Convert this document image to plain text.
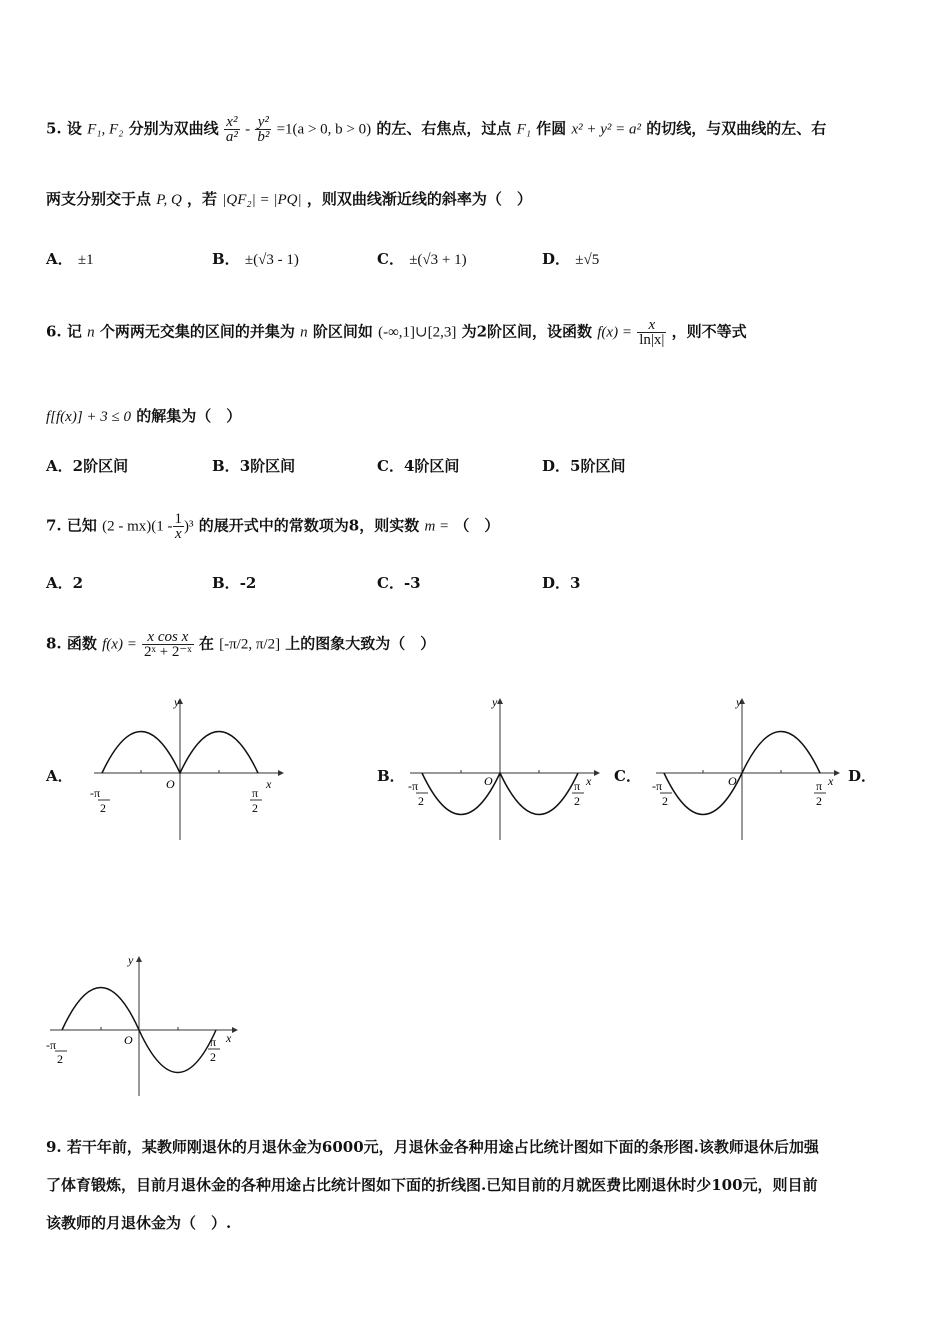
5. 设 F₁, F₂ 分别为双曲线 $\frac{\text{x²}}{\text{a²}} - \frac{\text{y²}}{\text{b²}} =1(a > 0$, b > 0) 的左、右焦点，过点 F₁ 作圆 x² + y² = a² 的切线，与双曲线的左、右
两支分别交于点 P, Q ，若 |QF₂| = |PQ| ，则双曲线渐近线的斜率为（　）
A． ±1	B． ±(√3 - 1)	C． ±(√3 + 1)	D． ±√5
6. 记 n 个两两无交集的区间的并集为 n 阶区间如 (-∞,1]∪[2,3] 为2阶区间，设函数 $f(x) = \frac{x}{\ln|x|}$ ，则不等式
f[f(x)] + 3 ≤ 0 的解集为（　）
A．2阶区间	B．3阶区间	C．4阶区间	D．5阶区间
7. 已知 $(2 - mx)(1 - \frac{1}{x} )^3$ 的展开式中的常数项为8，则实数 m = （　）
A．2	B．-2	C．-3	D．3
8. 函数 $f(x) = \frac{\text{x cos x}}{\text{2ˣ + 2⁻ˣ}}$ 在 [-π/2, π/2] 上的图象大致为（　）
A．	B．	C．	D．
y
x
O
-π
2
π
2
y
x
O
-π
2
π
2
y
x
O
-π
2
π
2
y
x
O
-π
2
π
2
9. 若干年前，某教师刚退休的月退休金为6000元，月退休金各种用途占比统计图如下面的条形图.该教师退休后加强
了体育锻炼，目前月退休金的各种用途占比统计图如下面的折线图.已知目前的月就医费比刚退休时少100元，则目前
该教师的月退休金为（　）.
